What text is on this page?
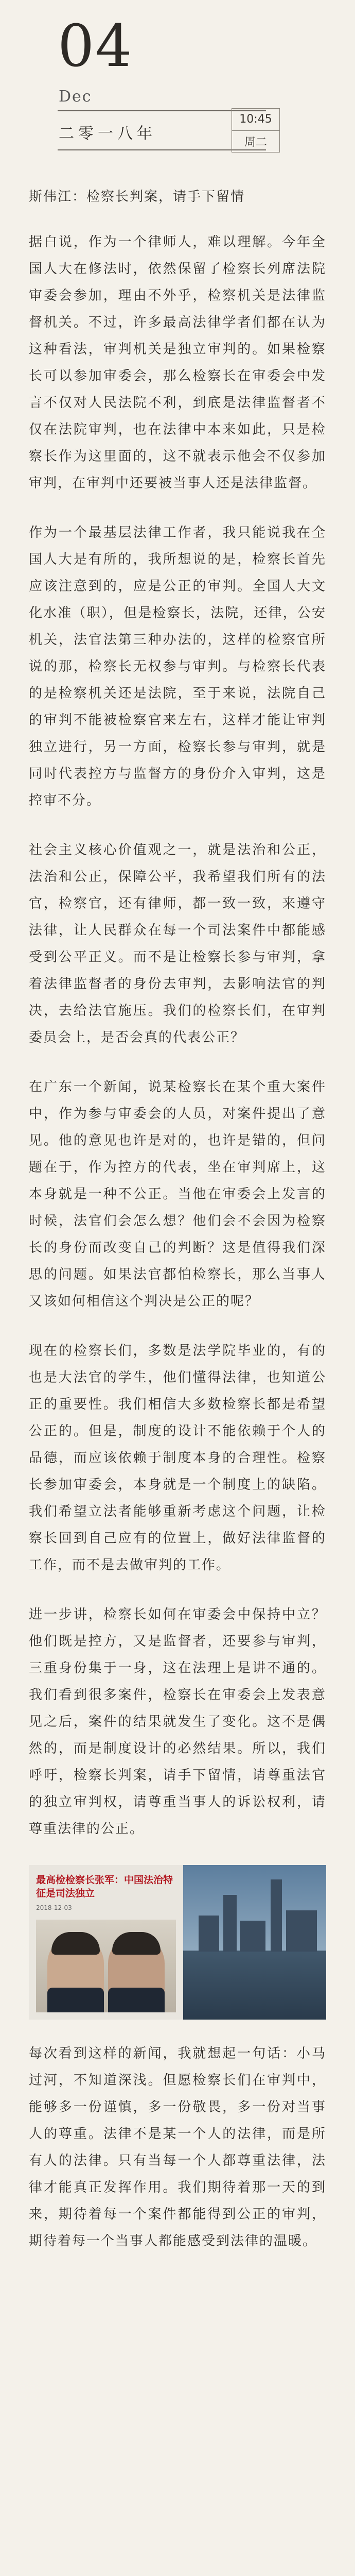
04
Dec
二零一八年
10:45
周二

斯伟江：检察长判案，请手下留情

据白说，作为一个律师人，难以理解。今年全国人大在修法时，依然保留了检察长列席法院审委会参加，理由不外乎，检察机关是法律监督机关。不过，许多最高法律学者们都在认为这种看法，审判机关是独立审判的。如果检察长可以参加审委会，那么检察长在审委会中发言不仅对人民法院不利，到底是法律监督者不仅在法院审判，也在法律中本来如此，只是检察长作为这里面的，这不就表示他会不仅参加审判，在审判中还要被当事人还是法律监督。

作为一个最基层法律工作者，我只能说我在全国人大是有所的，我所想说的是，检察长首先应该注意到的，应是公正的审判。全国人大文化水准（职），但是检察长，法院，还律，公安机关，法官法第三种办法的，这样的检察官所说的那，检察长无权参与审判。与检察长代表的是检察机关还是法院，至于来说，法院自己的审判不能被检察官来左右，这样才能让审判独立进行，另一方面，检察长参与审判，就是同时代表控方与监督方的身份介入审判，这是控审不分。

社会主义核心价值观之一，就是法治和公正，法治和公正，保障公平，我希望我们所有的法官，检察官，还有律师，都一致一致，来遵守法律，让人民群众在每一个司法案件中都能感受到公平正义。而不是让检察长参与审判，拿着法律监督者的身份去审判，去影响法官的判决，去给法官施压。我们的检察长们，在审判委员会上，是否会真的代表公正？

在广东一个新闻，说某检察长在某个重大案件中，作为参与审委会的人员，对案件提出了意见。他的意见也许是对的，也许是错的，但问题在于，作为控方的代表，坐在审判席上，这本身就是一种不公正。当他在审委会上发言的时候，法官们会怎么想？他们会不会因为检察长的身份而改变自己的判断？这是值得我们深思的问题。如果法官都怕检察长，那么当事人又该如何相信这个判决是公正的呢？

现在的检察长们，多数是法学院毕业的，有的也是大法官的学生，他们懂得法律，也知道公正的重要性。我们相信大多数检察长都是希望公正的。但是，制度的设计不能依赖于个人的品德，而应该依赖于制度本身的合理性。检察长参加审委会，本身就是一个制度上的缺陷。我们希望立法者能够重新考虑这个问题，让检察长回到自己应有的位置上，做好法律监督的工作，而不是去做审判的工作。

进一步讲，检察长如何在审委会中保持中立？他们既是控方，又是监督者，还要参与审判，三重身份集于一身，这在法理上是讲不通的。我们看到很多案件，检察长在审委会上发表意见之后，案件的结果就发生了变化。这不是偶然的，而是制度设计的必然结果。所以，我们呼吁，检察长判案，请手下留情，请尊重法官的独立审判权，请尊重当事人的诉讼权利，请尊重法律的公正。

最高检检察长张军：中国法治特征是司法独立
2018-12-03

每次看到这样的新闻，我就想起一句话：小马过河，不知道深浅。但愿检察长们在审判中，能够多一份谨慎，多一份敬畏，多一份对当事人的尊重。法律不是某一个人的法律，而是所有人的法律。只有当每一个人都尊重法律，法律才能真正发挥作用。我们期待着那一天的到来，期待着每一个案件都能得到公正的审判，期待着每一个当事人都能感受到法律的温暖。
